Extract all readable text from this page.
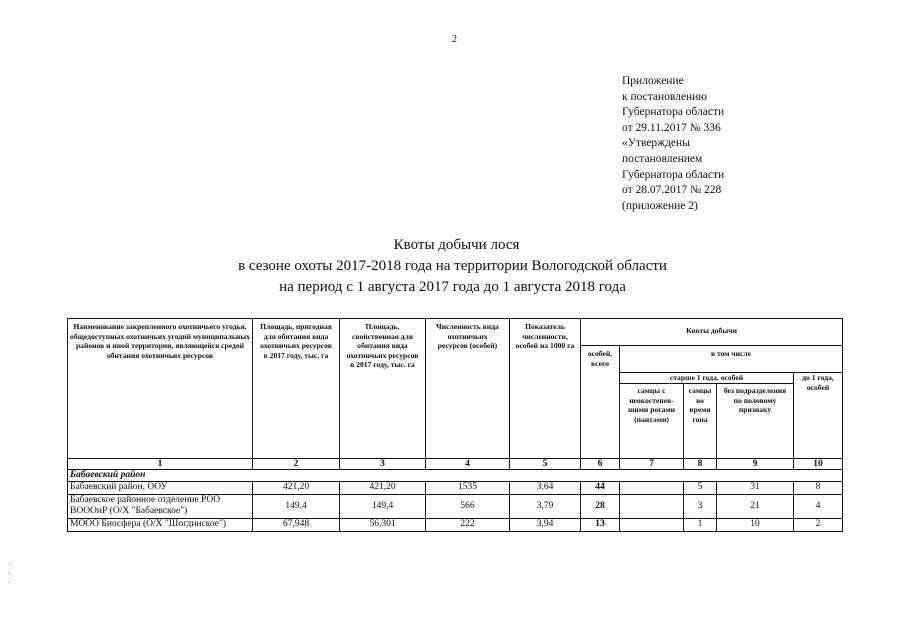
2
Приложение
к постановлению
Губернатора области
от 29.11.2017 № 336
«Утверждены
постановлением
Губернатора области
от 28.07.2017 № 228
(приложение 2)
Квоты добычи лося
в сезоне охоты 2017-2018 года на территории Вологодской области
на период с 1 августа 2017 года до 1 августа 2018 года
Наименование закрепленного охотничьего угодья, общедоступных охотничьих угодий муниципальных районов и иной территории, являющейся средой обитания охотничьих ресурсов	Площадь, пригодная для обитания вида охотничьих ресурсов в 2017 году, тыс. га	Площадь, свойственная для обитания вида охотничьих ресурсов в 2017 году, тыс. га	Численность вида охотничьих ресурсов (особей)	Показатель численности, особей на 1000 га	Квоты добычи				
					особей, всего	в том числе			
						старше 1 года, особей			до 1 года, особей
						самцы с неокостенев- шими рогами (пантами)	самцы во время гона	без подразделения по половому признаку	
1	2	3	4	5	6	7	8	9	10
Бабаевский район									
Бабаевский район, ООУ	421,20	421,20	1535	3,64	44		5	31	8
Бабаевское районное отделение РОО ВОООиР (О/Х "Бабаевское")	149,4	149,4	566	3,79	28		3	21	4
МООО Биосфера (О/Х "Шогдинское")	67,948	56,301	222	3,94	13		1	10	2
·
·
·
